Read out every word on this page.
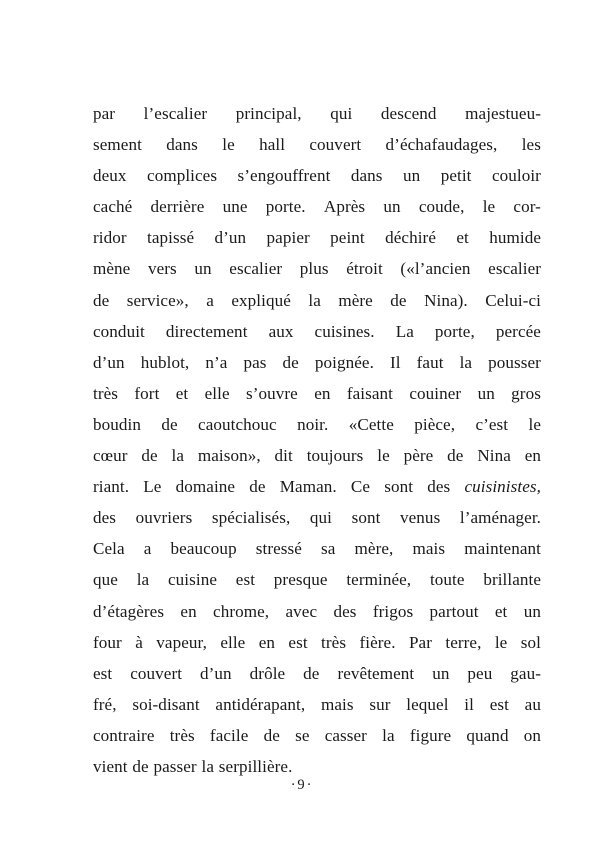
par l’escalier principal, qui descend majestueu-
sement dans le hall couvert d’échafaudages, les
deux complices s’engouffrent dans un petit couloir
caché derrière une porte. Après un coude, le cor-
ridor tapissé d’un papier peint déchiré et humide
mène vers un escalier plus étroit («l’ancien escalier
de service», a expliqué la mère de Nina). Celui-ci
conduit directement aux cuisines. La porte, percée
d’un hublot, n’a pas de poignée. Il faut la pousser
très fort et elle s’ouvre en faisant couiner un gros
boudin de caoutchouc noir. «Cette pièce, c’est le
cœur de la maison», dit toujours le père de Nina en
riant. Le domaine de Maman. Ce sont des cuisinistes,
des ouvriers spécialisés, qui sont venus l’aménager.
Cela a beaucoup stressé sa mère, mais maintenant
que la cuisine est presque terminée, toute brillante
d’étagères en chrome, avec des frigos partout et un
four à vapeur, elle en est très fière. Par terre, le sol
est couvert d’un drôle de revêtement un peu gau-
fré, soi-disant antidérapant, mais sur lequel il est au
contraire très facile de se casser la figure quand on
vient de passer la serpillière.
·9·
